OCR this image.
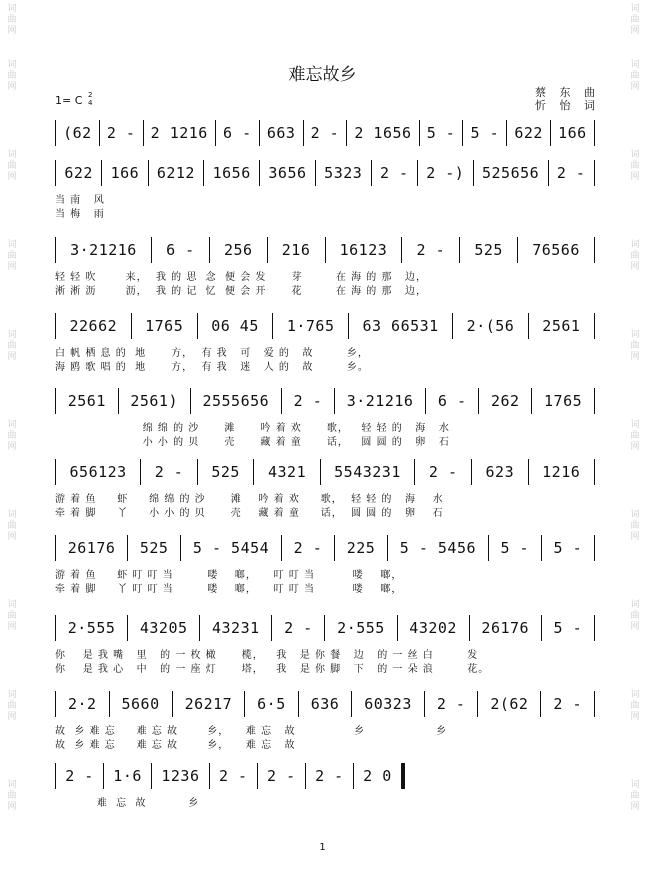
词
曲
网
词
曲
网
词
曲
网
词
曲
网
词
曲
网
词
曲
网
词
曲
网
词
曲
网
词
曲
网
词
曲
网
词
曲
网
词
曲
网
词
曲
网
词
曲
网
词
曲
网
词
曲
网
词
曲
网
词
曲
网
词
曲
网
词
曲
网
难忘故乡
蔡 东 曲
忻 怡 词
1= C 2
4
(62 2 - 2 1216 6 - 663 2 - 2 1656 5 - 5 - 622 166
622 166 6212 1656 3656 5323 2 - 2 -) 525656 2 -
当 南   风
当 梅   雨
3·21216 6 - 256 216 16123 2 - 525 76566
轻 轻 吹       来，  我 的 思  念  便 会 发      芽        在 海 的 那   边，
淅 淅 沥       沥，  我 的 记  忆  便 会 开      花        在 海 的 那   边，
22662 1765 06 45 1·765 63 66531 2·(56 2561
白 帆 栖 息 的  地      方，  有 我   可   爱 的   故        乡，
海 鸥 歌 唱 的  地      方，  有 我   迷   人 的   故        乡。
2561 2561) 2555656 2 - 3·21216 6 - 262 1765
绵 绵 的 沙      滩      吟 着 欢      歌，   轻 轻 的   海   水
小 小 的 贝      壳      藏 着 童      话，   圆 圆 的   卵   石
656123 2 - 525 4321 5543231 2 - 623 1216
游 着 鱼     虾     绵 绵 的 沙      滩    吟 着 欢     歌，  轻 轻 的   海    水
牵 着 脚     丫     小 小 的 贝      壳    藏 着 童     话，  圆 圆 的   卵    石
26176 525 5 - 5454 2 - 225 5 - 5456 5 - 5 -
游 着 鱼     虾 叮 叮 当        喽    啷，    叮 叮 当         喽    啷，
牵 着 脚     丫 叮 叮 当        喽    啷，    叮 叮 当         喽    啷，
2·555 43205 43231 2 - 2·555 43202 26176 5 -
你    是 我 嘴   里   的 一 枚 橄      榄，   我   是 你 餐   边   的 一 丝 白        发
你    是 我 心   中   的 一 座 灯      塔，   我   是 你 脚   下   的 一 朵 浪        花。
2·2 5660 26217 6·5 636 60323 2 - 2(62 2 -
故  乡 难 忘     难 忘 故       乡，    难 忘   故              乡                 乡
故  乡 难 忘     难 忘 故       乡，    难 忘   故
2 - 1·6 1236 2 - 2 - 2 - 2 0
难  忘  故          乡
1
